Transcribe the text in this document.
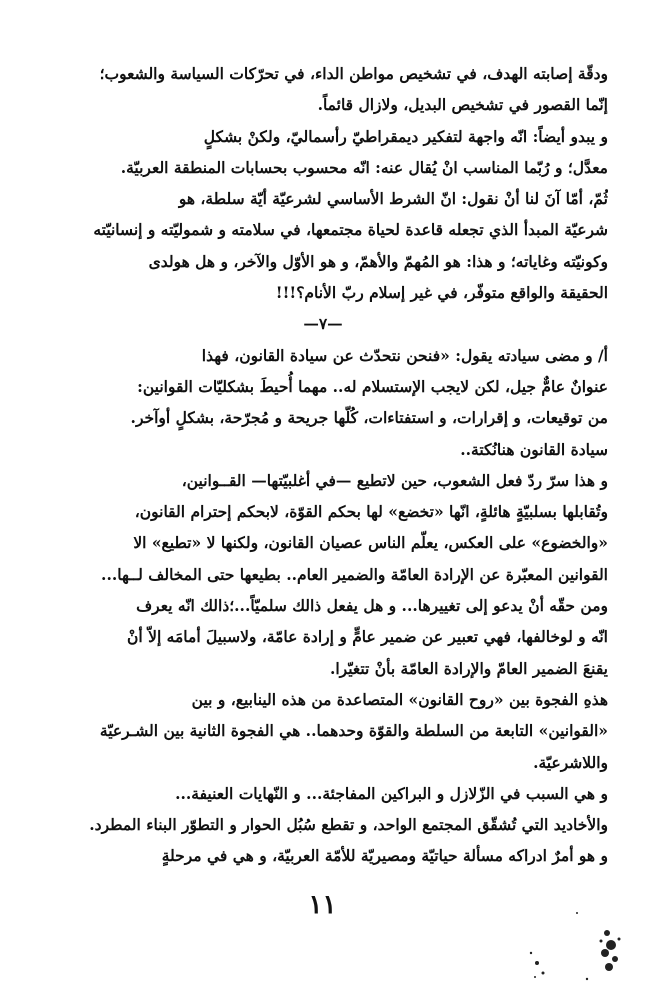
ودقّة إصابته الهدف، في تشخيص مواطن الداء، في تحرّكات السياسة والشعوب؛
إنّما القصور في تشخيص البديل، ولازال قائماً.
و يبدو أيضاً: انّه واجهة لتفكير ديمقراطيّ رأسماليّ، ولكنْ بشكلٍ
معدَّل؛ و رُبّما المناسب انْ يُقال عنه: انّه محسوب بحسابات المنطقة العربيّة.
ثُمّ، أمّا آنَ لنا أنْ نقول: انّ الشرط الأساسي لشرعيّة أيّة سلطة، هو
شرعيّة المبدأ الذي تجعله قاعدة لحياة مجتمعها، في سلامته و شموليّته و إنسانيّته
وكونيّته وغاياته؛ و هذا: هو المُهمّ والأهمّ، و هو الأوّل والآخر، و هل هولدى
الحقيقة والواقع متوفّر، في غير إسلام ربّ الأنام؟!!!
—٧—
أ/ و مضى سيادته يقول: «فنحن نتحدّث عن سيادة القانون، فهذا
عنوانٌ عامٌّ جيل، لكن لايجب الإستسلام له.. مهما أُحيطَ بشكليّات القوانين:
من توقيعات، و إقرارات، و استفتاءات، كُلّها جريحة و مُجرّحة، بشكلٍ أوآخر.
سيادة القانون هنانُكتة..
و هذا سرّ ردّ فعل الشعوب، حين لاتطيع —في أغلبيّتها— القــوانين،
وتُقابلها بسلبيّةٍ هائلةٍ، انّها «تخضع» لها بحكم القوّة، لابحكم إحترام القانون،
«والخضوع» على العكس، يعلّم الناس عصيان القانون، ولكنها لا «تطيع» الا
القوانين المعبّرة عن الإرادة العامّة والضمير العام.. بطيعها حتى المخالف لــها...
ومن حقّه أنْ يدعو إلى تغييرها... و هل يفعل ذالك سلميّاً...؛ذالك انّه يعرف
انّه و لوخالفها، فهي تعبير عن ضمير عامٍّ و إرادة عامّة، ولاسبيلَ أمامَه إلاّ أنْ
يقنعَ الضمير العامّ والإرادة العامّة بأنْ تتغيّرا.
هذهِ الفجوة بين «روح القانون» المتصاعدة من هذه الينابيع، و بين
«القوانين» التابعة من السلطة والقوّة وحدهما.. هي الفجوة الثانية بين الشـرعيّة
واللاشرعيّة.
و هي السبب في الزّلازل و البراكين المفاجئة... و النّهايات العنيفة...
والأخاديد التي تُشقّق المجتمع الواحد، و تقطع سُبُل الحوار و التطوّر البناء المطرد.
و هو أمرٌ ادراكه مسألة حياتيّة ومصيريّة للأمّة العربيّة، و هي في مرحلةٍ
١١
